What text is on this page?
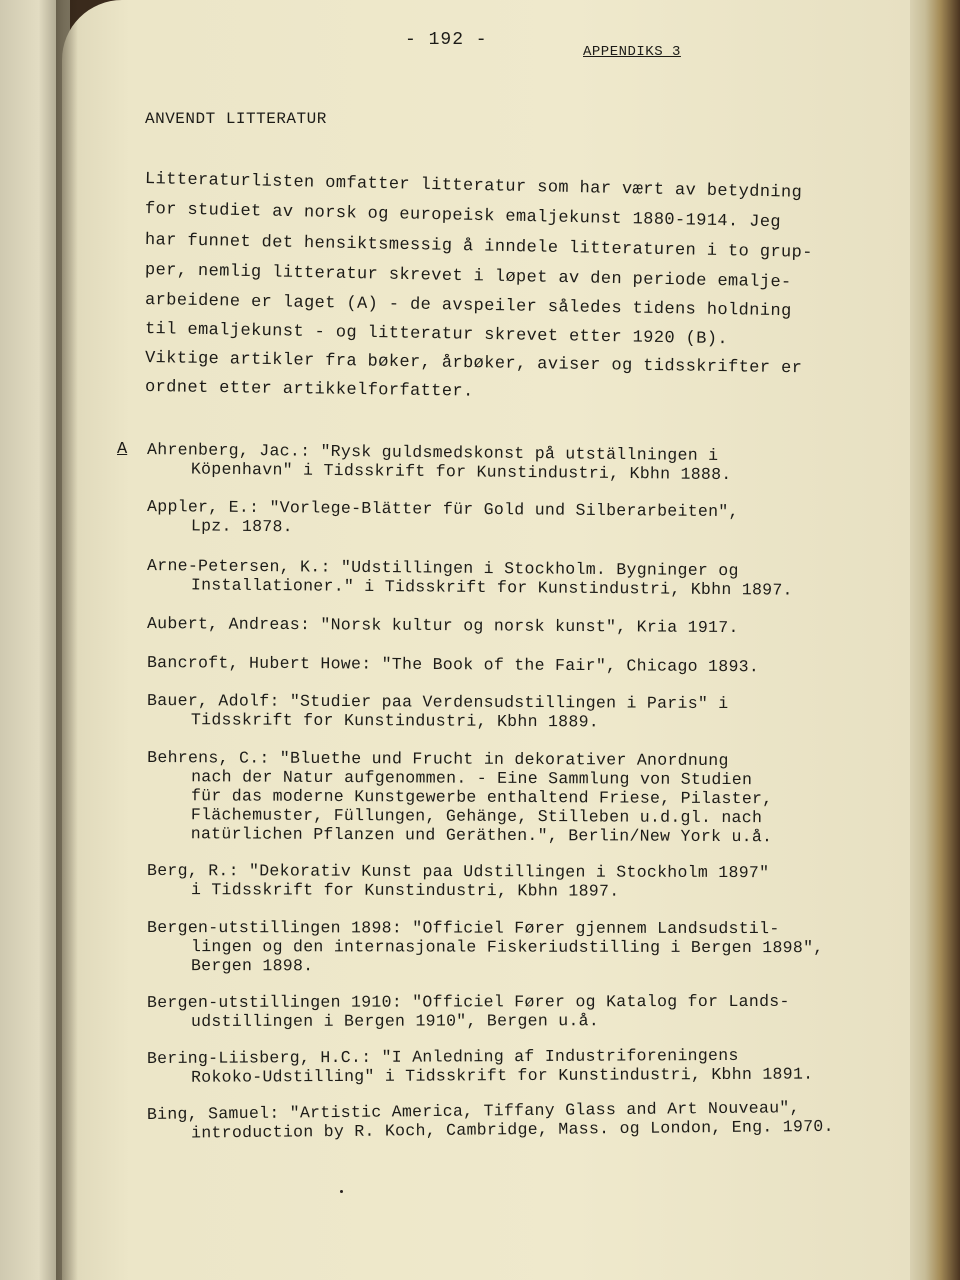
- 192 -
APPENDIKS 3
ANVENDT LITTERATUR
Litteraturlisten omfatter litteratur som har vært av betydning
for studiet av norsk og europeisk emaljekunst 1880-1914. Jeg
har funnet det hensiktsmessig å inndele litteraturen i to grup-
per, nemlig litteratur skrevet i løpet av den periode emalje-
arbeidene er laget (A) - de avspeiler således tidens holdning
til emaljekunst - og litteratur skrevet etter 1920 (B).
Viktige artikler fra bøker, årbøker, aviser og tidsskrifter er
ordnet etter artikkelforfatter.
A Ahrenberg, Jac.: "Rysk guldsmedskonst på utställningen i
Köpenhavn" i Tidsskrift for Kunstindustri, Kbhn 1888.
Appler, E.: "Vorlege-Blätter für Gold und Silberarbeiten",
Lpz. 1878.
Arne-Petersen, K.: "Udstillingen i Stockholm. Bygninger og
Installationer." i Tidsskrift for Kunstindustri, Kbhn 1897.
Aubert, Andreas: "Norsk kultur og norsk kunst", Kria 1917.
Bancroft, Hubert Howe: "The Book of the Fair", Chicago 1893.
Bauer, Adolf: "Studier paa Verdensudstillingen i Paris" i
Tidsskrift for Kunstindustri, Kbhn 1889.
Behrens, C.: "Bluethe und Frucht in dekorativer Anordnung
nach der Natur aufgenommen. - Eine Sammlung von Studien
für das moderne Kunstgewerbe enthaltend Friese, Pilaster,
Flächemuster, Füllungen, Gehänge, Stilleben u.d.gl. nach
natürlichen Pflanzen und Geräthen.", Berlin/New York u.å.
Berg, R.: "Dekorativ Kunst paa Udstillingen i Stockholm 1897"
i Tidsskrift for Kunstindustri, Kbhn 1897.
Bergen-utstillingen 1898: "Officiel Fører gjennem Landsudstil-
lingen og den internasjonale Fiskeriudstilling i Bergen 1898",
Bergen 1898.
Bergen-utstillingen 1910: "Officiel Fører og Katalog for Lands-
udstillingen i Bergen 1910", Bergen u.å.
Bering-Liisberg, H.C.: "I Anledning af Industriforeningens
Rokoko-Udstilling" i Tidsskrift for Kunstindustri, Kbhn 1891.
Bing, Samuel: "Artistic America, Tiffany Glass and Art Nouveau",
introduction by R. Koch, Cambridge, Mass. og London, Eng. 1970.
